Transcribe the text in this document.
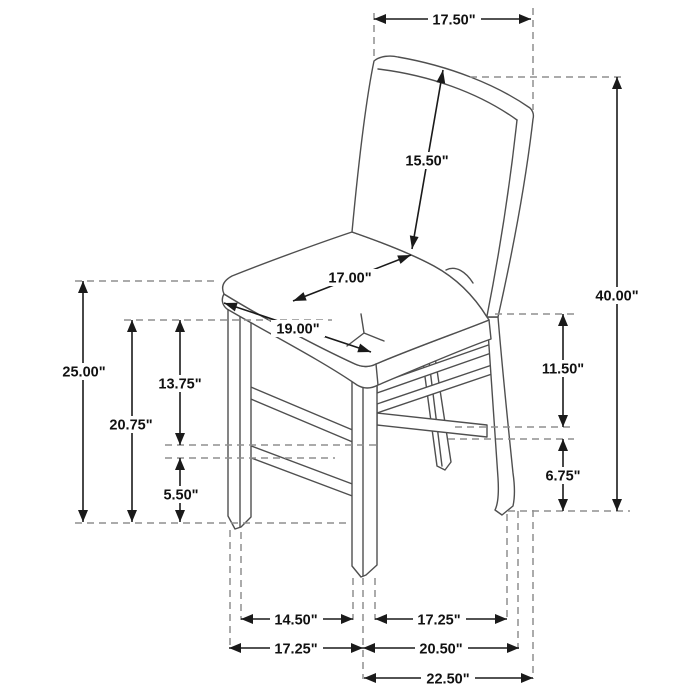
17.50"
15.50"
17.00"
19.00"
40.00"
25.00"
20.75"
13.75"
5.50"
11.50"
6.75"
14.50"	17.25"
17.25"	20.50"
22.50"
